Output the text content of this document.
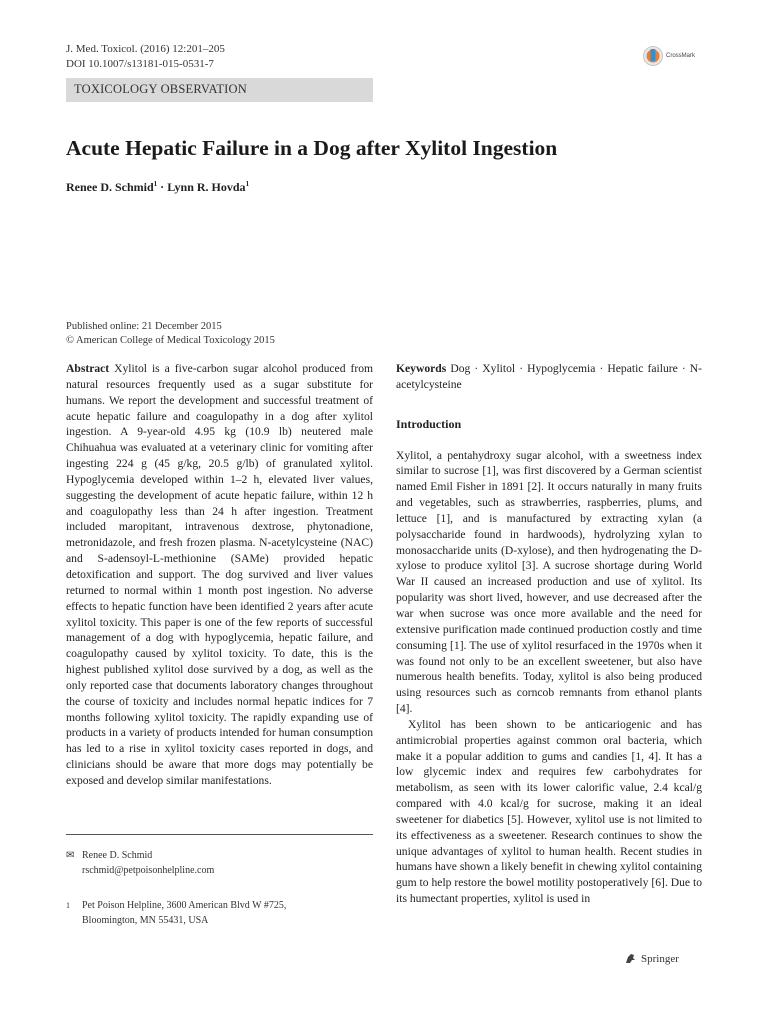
J. Med. Toxicol. (2016) 12:201–205
DOI 10.1007/s13181-015-0531-7
CrossMark
TOXICOLOGY OBSERVATION
Acute Hepatic Failure in a Dog after Xylitol Ingestion
Renee D. Schmid$^1$ · Lynn R. Hovda$^1$
Published online: 21 December 2015
© American College of Medical Toxicology 2015

Abstract Xylitol is a five-carbon sugar alcohol produced from natural resources frequently used as a sugar substitute for humans. We report the development and successful treatment of acute hepatic failure and coagulopathy in a dog after xylitol ingestion. A 9-year-old 4.95 kg (10.9 lb) neutered male Chihuahua was evaluated at a veterinary clinic for vomiting after ingesting 224 g (45 g/kg, 20.5 g/lb) of granulated xylitol. Hypoglycemia developed within 1–2 h, elevated liver values, suggesting the development of acute hepatic failure, within 12 h and coagulopathy less than 24 h after ingestion. Treatment included maropitant, intravenous dextrose, phytonadione, metronidazole, and fresh frozen plasma. N-acetylcysteine (NAC) and S-adensoyl-L-methionine (SAMe) provided hepatic detoxification and support. The dog survived and liver values returned to normal within 1 month post ingestion. No adverse effects to hepatic function have been identified 2 years after acute xylitol toxicity. This paper is one of the few reports of successful management of a dog with hypoglycemia, hepatic failure, and coagulopathy caused by xylitol toxicity. To date, this is the highest published xylitol dose survived by a dog, as well as the only reported case that documents laboratory changes throughout the course of toxicity and includes normal hepatic indices for 7 months following xylitol toxicity. The rapidly expanding use of products in a variety of products intended for human consumption has led to a rise in xylitol toxicity cases reported in dogs, and clinicians should be aware that more dogs may potentially be exposed and develop similar manifestations.

✉ Renee D. Schmid
rschmid@petpoisonhelpline.com
1 Pet Poison Helpline, 3600 American Blvd W #725,
Bloomington, MN 55431, USA

Keywords Dog · Xylitol · Hypoglycemia · Hepatic failure · N-acetylcysteine

Introduction

Xylitol, a pentahydroxy sugar alcohol, with a sweetness index similar to sucrose [1], was first discovered by a German scientist named Emil Fisher in 1891 [2]. It occurs naturally in many fruits and vegetables, such as strawberries, raspberries, plums, and lettuce [1], and is manufactured by extracting xylan (a polysaccharide found in hardwoods), hydrolyzing xylan to monosaccharide units (D-xylose), and then hydrogenating the D-xylose to produce xylitol [3]. A sucrose shortage during World War II caused an increased production and use of xylitol. Its popularity was short lived, however, and use decreased after the war when sucrose was once more available and the need for extensive purification made continued production costly and time consuming [1]. The use of xylitol resurfaced in the 1970s when it was found not only to be an excellent sweetener, but also have numerous health benefits. Today, xylitol is also being produced using resources such as corncob remnants from ethanol plants [4].

Xylitol has been shown to be anticariogenic and has antimicrobial properties against common oral bacteria, which make it a popular addition to gums and candies [1, 4]. It has a low glycemic index and requires few carbohydrates for metabolism, as seen with its lower calorific value, 2.4 kcal/g compared with 4.0 kcal/g for sucrose, making it an ideal sweetener for diabetics [5]. However, xylitol use is not limited to its effectiveness as a sweetener. Research continues to show the unique advantages of xylitol to human health. Recent studies in humans have shown a likely benefit in chewing xylitol containing gum to help restore the bowel motility postoperatively [6]. Due to its humectant properties, xylitol is used in

Springer
